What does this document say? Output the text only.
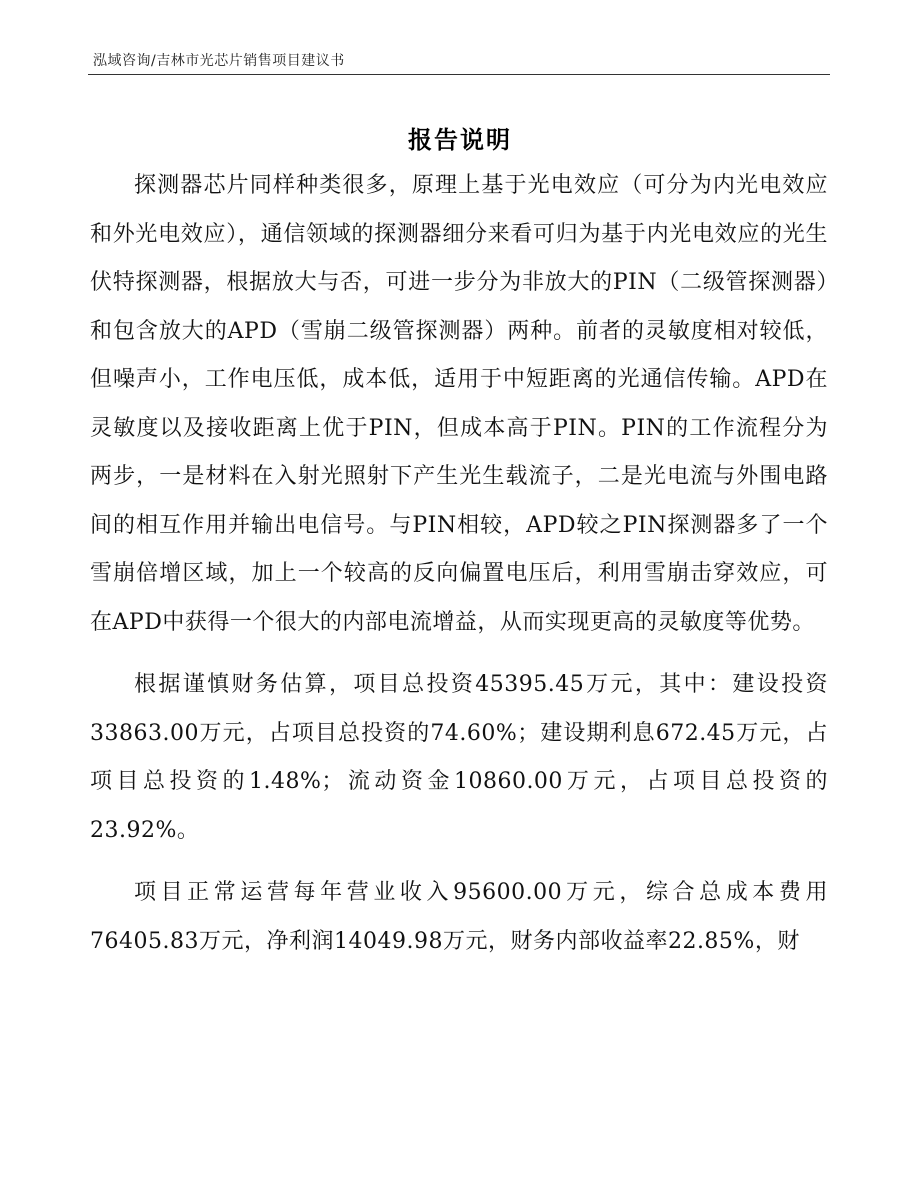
泓域咨询/吉林市光芯片销售项目建议书
报告说明

探测器芯片同样种类很多，原理上基于光电效应（可分为内光电效应和外光电效应），通信领域的探测器细分来看可归为基于内光电效应的光生伏特探测器，根据放大与否，可进一步分为非放大的PIN（二级管探测器）和包含放大的APD（雪崩二级管探测器）两种。前者的灵敏度相对较低，但噪声小，工作电压低，成本低，适用于中短距离的光通信传输。APD在灵敏度以及接收距离上优于PIN，但成本高于PIN。PIN的工作流程分为两步，一是材料在入射光照射下产生光生载流子，二是光电流与外围电路间的相互作用并输出电信号。与PIN相较，APD较之PIN探测器多了一个雪崩倍增区域，加上一个较高的反向偏置电压后，利用雪崩击穿效应，可在APD中获得一个很大的内部电流增益，从而实现更高的灵敏度等优势。

根据谨慎财务估算，项目总投资45395.45万元，其中：建设投资33863.00万元，占项目总投资的74.60%；建设期利息672.45万元，占项目总投资的1.48%；流动资金10860.00万元，占项目总投资的23.92%。

项目正常运营每年营业收入95600.00万元，综合总成本费用76405.83万元，净利润14049.98万元，财务内部收益率22.85%，财
